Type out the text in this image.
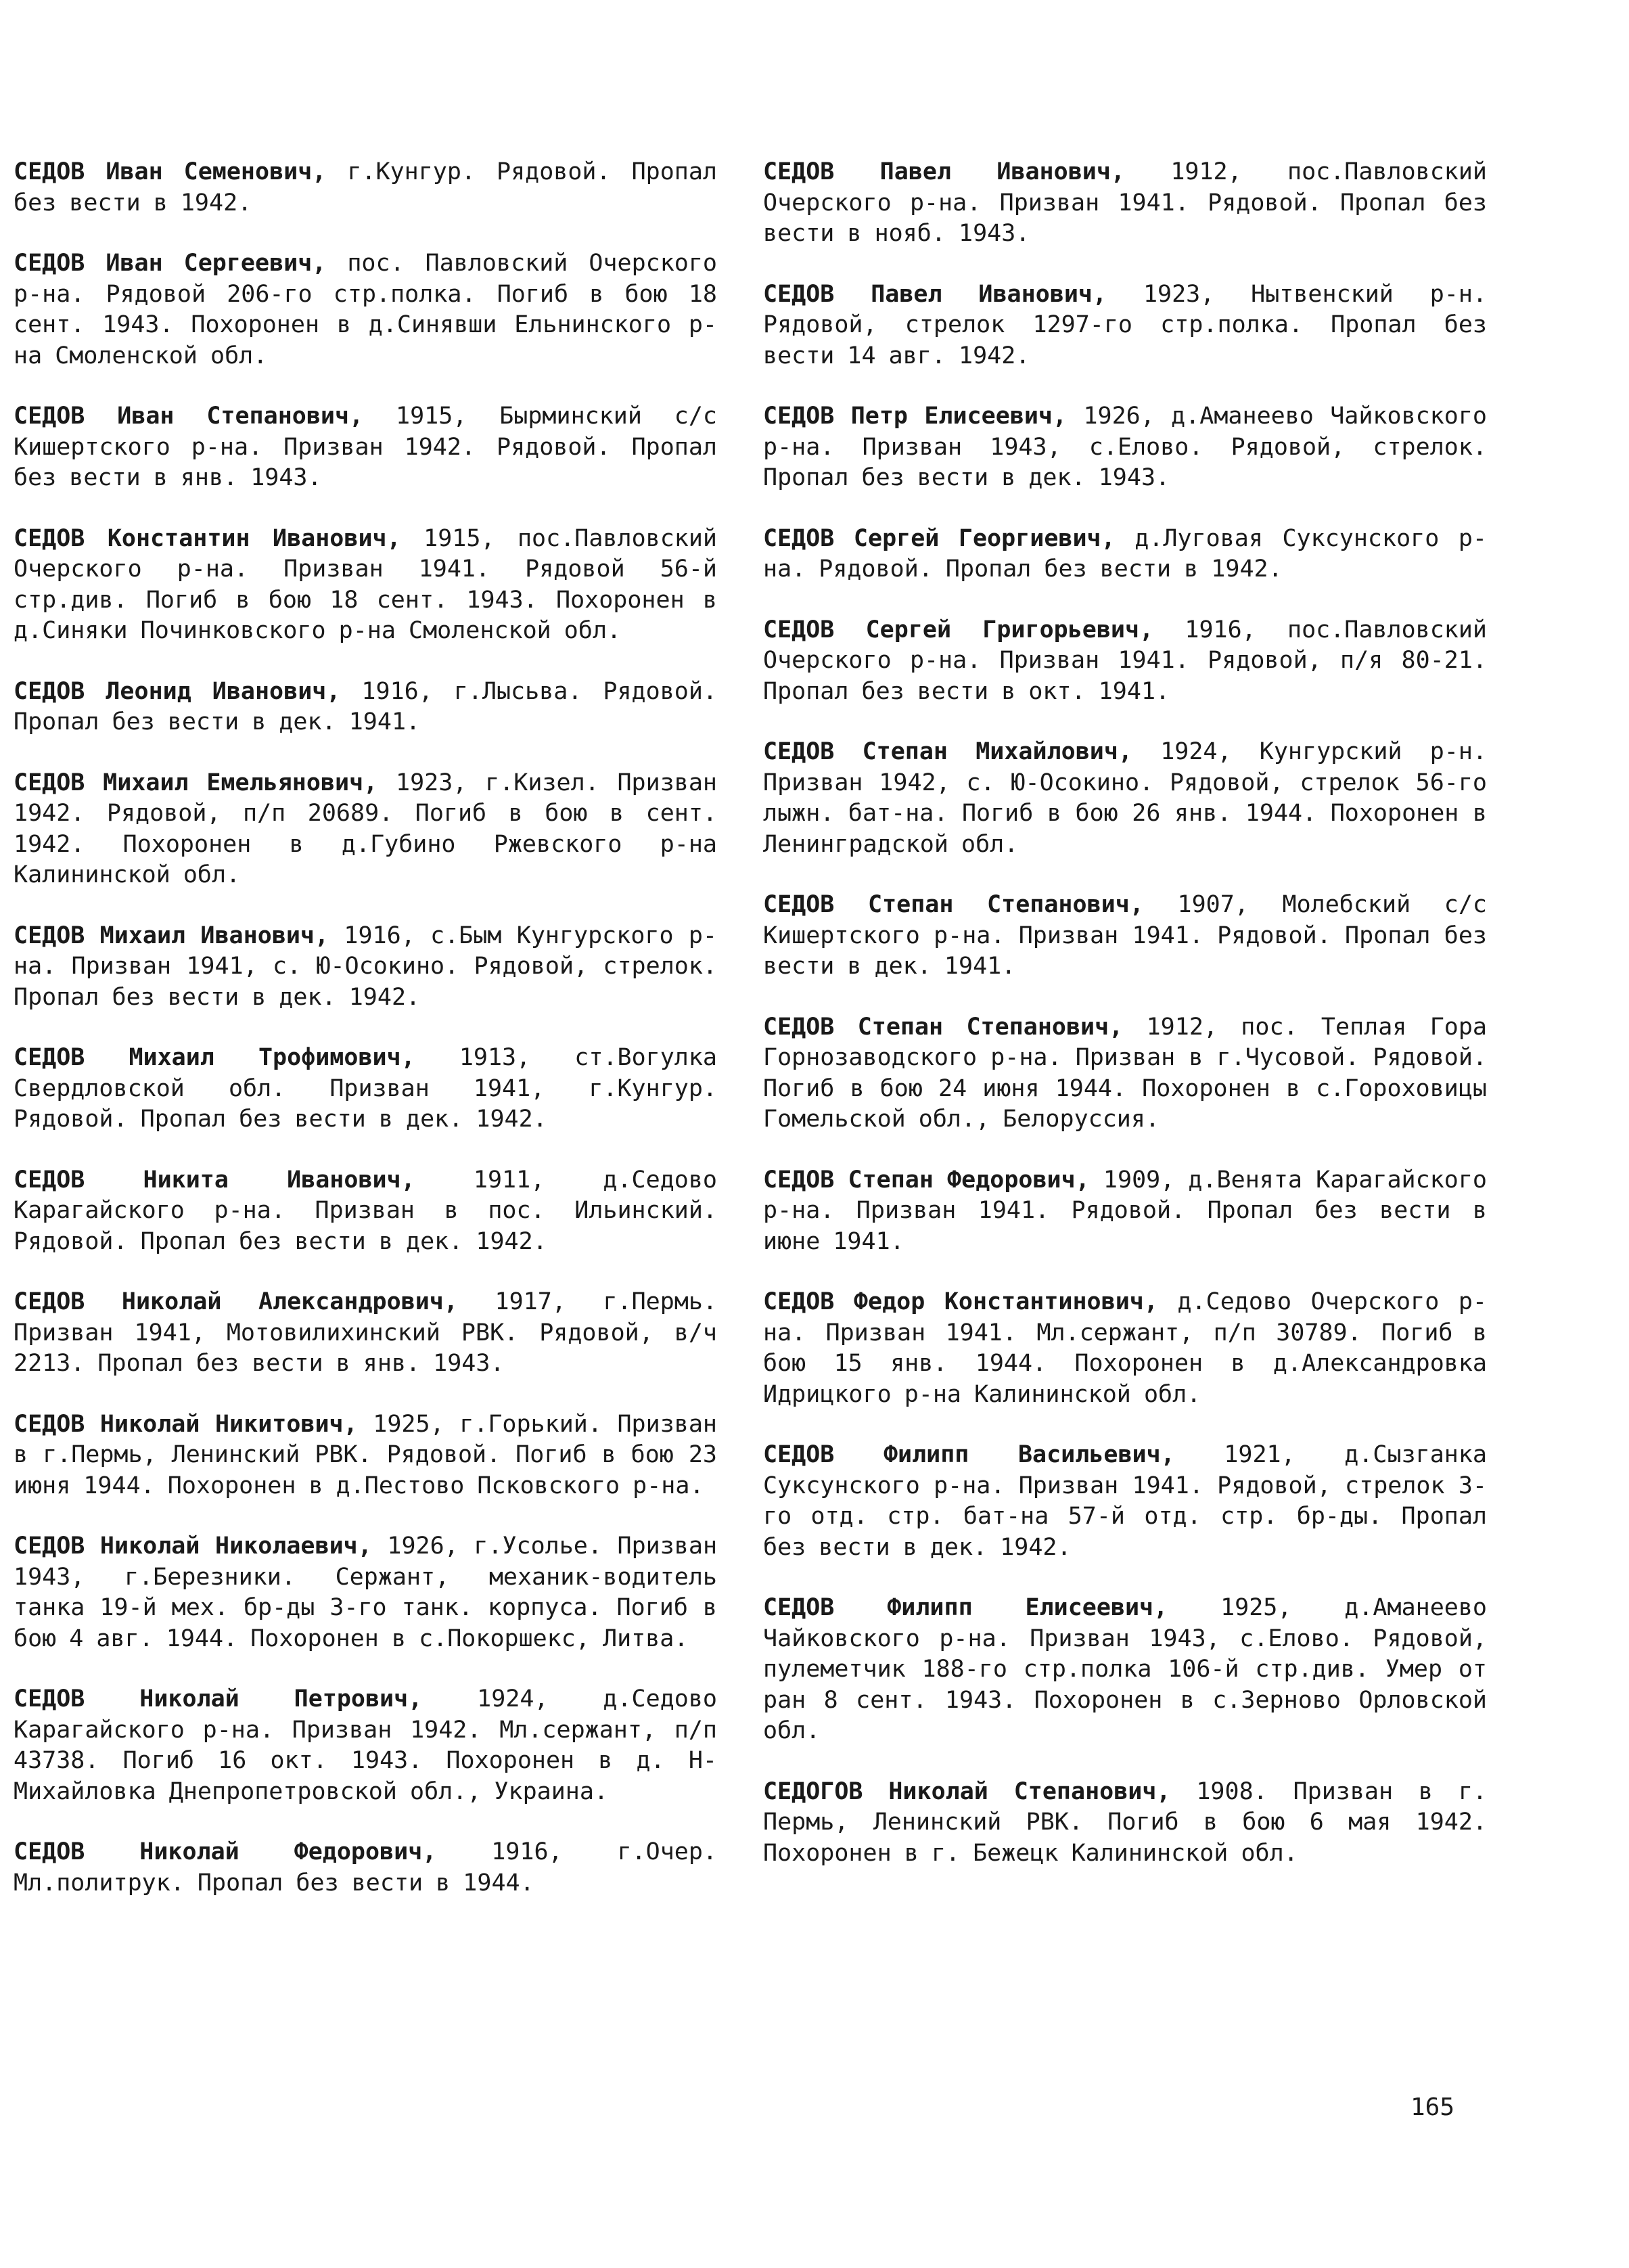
СЕДОВ Иван Семенович, г.Кунгур. Рядовой. Пропал без вести в 1942.

СЕДОВ Иван Сергеевич, пос. Павловский Очерского р-на. Рядовой 206-го стр.полка. Погиб в бою 18 сент. 1943. Похоронен в д.Синявши Ельнинского р-на Смоленской обл.

СЕДОВ Иван Степанович, 1915, Бырминский с/с Кишертского р-на. Призван 1942. Рядовой. Пропал без вести в янв. 1943.

СЕДОВ Константин Иванович, 1915, пос.Павловский Очерского р-на. Призван 1941. Рядовой 56-й стр.див. Погиб в бою 18 сент. 1943. Похоронен в д.Синяки Починковского р-на Смоленской обл.

СЕДОВ Леонид Иванович, 1916, г.Лысьва. Рядовой. Пропал без вести в дек. 1941.

СЕДОВ Михаил Емельянович, 1923, г.Кизел. Призван 1942. Рядовой, п/п 20689. Погиб в бою в сент. 1942. Похоронен в д.Губино Ржевского р-на Калининской обл.

СЕДОВ Михаил Иванович, 1916, с.Бым Кунгурского р-на. Призван 1941, с. Ю-Осокино. Рядовой, стрелок. Пропал без вести в дек. 1942.

СЕДОВ Михаил Трофимович, 1913, ст.Вогулка Свердловской обл. Призван 1941, г.Кунгур. Рядовой. Пропал без вести в дек. 1942.

СЕДОВ Никита Иванович, 1911, д.Седово Карагайского р-на. Призван в пос. Ильинский. Рядовой. Пропал без вести в дек. 1942.

СЕДОВ Николай Александрович, 1917, г.Пермь. Призван 1941, Мотовилихинский РВК. Рядовой, в/ч 2213. Пропал без вести в янв. 1943.

СЕДОВ Николай Никитович, 1925, г.Горький. Призван в г.Пермь, Ленинский РВК. Рядовой. Погиб в бою 23 июня 1944. Похоронен в д.Пестово Псковского р-на.

СЕДОВ Николай Николаевич, 1926, г.Усолье. Призван 1943, г.Березники. Сержант, механик-водитель танка 19-й мех. бр-ды 3-го танк. корпуса. Погиб в бою 4 авг. 1944. Похоронен в с.Покоршекс, Литва.

СЕДОВ Николай Петрович, 1924, д.Седово Карагайского р-на. Призван 1942. Мл.сержант, п/п 43738. Погиб 16 окт. 1943. Похоронен в д. Н-Михайловка Днепропетровской обл., Украина.

СЕДОВ Николай Федорович, 1916, г.Очер. Мл.политрук. Пропал без вести в 1944.

СЕДОВ Павел Иванович, 1912, пос.Павловский Очерского р-на. Призван 1941. Рядовой. Пропал без вести в нояб. 1943.

СЕДОВ Павел Иванович, 1923, Нытвенский р-н. Рядовой, стрелок 1297-го стр.полка. Пропал без вести 14 авг. 1942.

СЕДОВ Петр Елисеевич, 1926, д.Аманеево Чайковского р-на. Призван 1943, с.Елово. Рядовой, стрелок. Пропал без вести в дек. 1943.

СЕДОВ Сергей Георгиевич, д.Луговая Суксунского р-на. Рядовой. Пропал без вести в 1942.

СЕДОВ Сергей Григорьевич, 1916, пос.Павловский Очерского р-на. Призван 1941. Рядовой, п/я 80-21. Пропал без вести в окт. 1941.

СЕДОВ Степан Михайлович, 1924, Кунгурский р-н. Призван 1942, с. Ю-Осокино. Рядовой, стрелок 56-го лыжн. бат-на. Погиб в бою 26 янв. 1944. Похоронен в Ленинградской обл.

СЕДОВ Степан Степанович, 1907, Молебский с/с Кишертского р-на. Призван 1941. Рядовой. Пропал без вести в дек. 1941.

СЕДОВ Степан Степанович, 1912, пос. Теплая Гора Горнозаводского р-на. Призван в г.Чусовой. Рядовой. Погиб в бою 24 июня 1944. Похоронен в с.Гороховицы Гомельской обл., Белоруссия.

СЕДОВ Степан Федорович, 1909, д.Венята Карагайского р-на. Призван 1941. Рядовой. Пропал без вести в июне 1941.

СЕДОВ Федор Константинович, д.Седово Очерского р-на. Призван 1941. Мл.сержант, п/п 30789. Погиб в бою 15 янв. 1944. Похоронен в д.Александровка Идрицкого р-на Калининской обл.

СЕДОВ Филипп Васильевич, 1921, д.Сызганка Суксунского р-на. Призван 1941. Рядовой, стрелок 3-го отд. стр. бат-на 57-й отд. стр. бр-ды. Пропал без вести в дек. 1942.

СЕДОВ Филипп Елисеевич, 1925, д.Аманеево Чайковского р-на. Призван 1943, с.Елово. Рядовой, пулеметчик 188-го стр.полка 106-й стр.див. Умер от ран 8 сент. 1943. Похоронен в с.Зерново Орловской обл.

СЕДОГОВ Николай Степанович, 1908. Призван в г. Пермь, Ленинский РВК. Погиб в бою 6 мая 1942. Похоронен в г. Бежецк Калининской обл.

165
